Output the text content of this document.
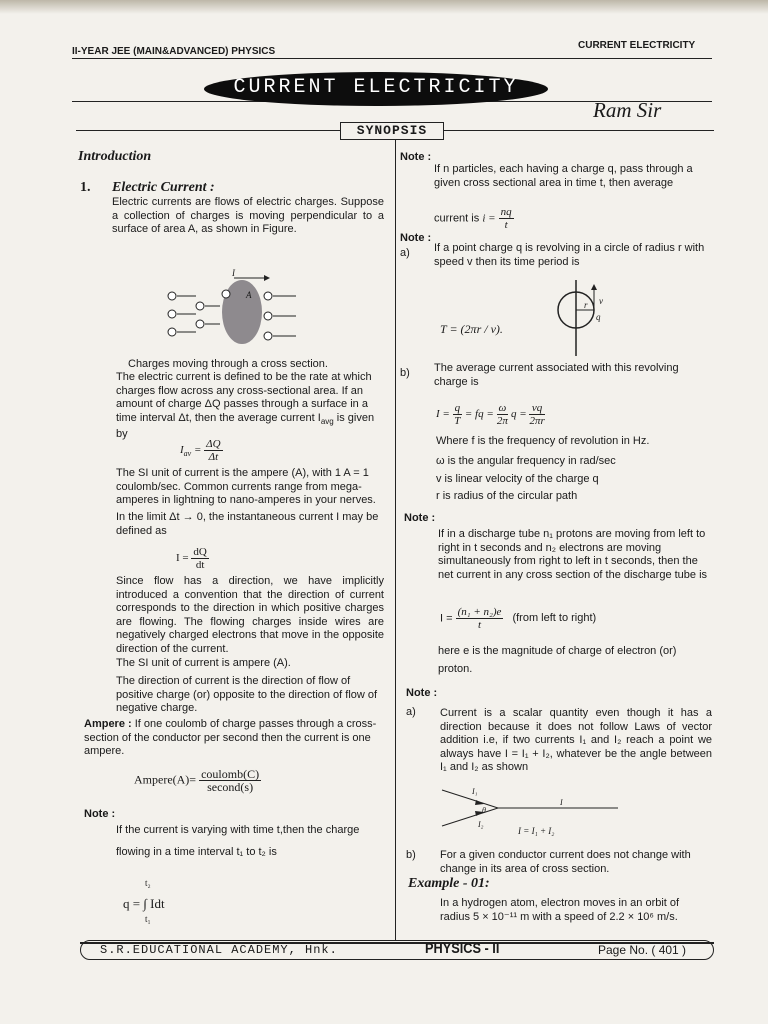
II-YEAR JEE (MAIN&ADVANCED) PHYSICS
CURRENT ELECTRICITY
CURRENT ELECTRICITY
Ram Sir
SYNOPSIS
Introduction
1. Electric Current :
Electric currents are flows of electric charges. Suppose a collection of charges is moving perpendicular to a surface of area A, as shown in Figure.
I
A
Charges moving through a cross section.
The electric current is defined to be the rate at which charges flow across any cross-sectional area. If an amount of charge ΔQ passes through a surface in a time interval Δt, then the average current $I_{avg}$ is given by
$I_{av} = \frac{\Delta Q}{\Delta t}$
The SI unit of current is the ampere (A), with 1 A = 1 coulomb/sec. Common currents range from mega-amperes in lightning to nano-amperes in your nerves.
In the limit Δt → 0, the instantaneous current I may be defined as
$I = \frac{dQ}{dt}$
Since flow has a direction, we have implicitly introduced a convention that the direction of current corresponds to the direction in which positive charges are flowing. The flowing charges inside wires are negatively charged electrons that move in the opposite direction of the current.
The SI unit of current is ampere (A).
The direction of current is the direction of flow of positive charge (or) opposite to the direction of flow of negative charge.
Ampere : If one coulomb of charge passes through a cross-section of the conductor per second then the current is one ampere.
Ampere(A)= $\frac{\text{coulomb(C)}}{\text{second(s)}}$
Note :
If the current is varying with time t,then the charge
flowing in a time interval t₁ to t₂ is
q = ∫ Idt
t₂
t₁
Note :
If n particles, each having a charge q, pass through a given cross sectional area in time t, then average
current is $i = \frac{nq}{t}$
Note :
a) If a point charge q is revolving in a circle of radius r with speed v then its time period is
r v
q
T = (2πr / v).
b) The average current associated with this revolving charge is
$I = \frac{q}{T}$ = fq = $\frac{\omega}{2\pi}$ $q = \frac{vq}{2\pi r}$
Where f is the frequency of revolution in Hz.
ω is the angular frequency in rad/sec
v is linear velocity of the charge q
r is radius of the circular path
Note :
If in a discharge tube n₁ protons are moving from left to right in t seconds and n₂ electrons are moving simultaneously from right to left in t seconds, then the net current in any cross section of the discharge tube is
$I = \frac{\text{(n₁ + n₂)e}}{t}$ (from left to right)
here e is the magnitude of charge of electron (or) proton.
Note :
a) Current is a scalar quantity even though it has a direction because it does not follow Laws of vector addition i.e, if two currents I₁ and I₂ reach a point we always have I = I₁ + I₂, whatever be the angle between I₁ and I₂ as shown
I₁
I₂
θ
I
I = I₁ + I₂
b) For a given conductor current does not change with change in its area of cross section.
Example - 01:
In a hydrogen atom, electron moves in an orbit of radius 5 × 10⁻¹¹ m with a speed of 2.2 × 10⁶ m/s.
S.R.EDUCATIONAL ACADEMY, Hnk.	PHYSICS - II	Page No. ( 401 )
